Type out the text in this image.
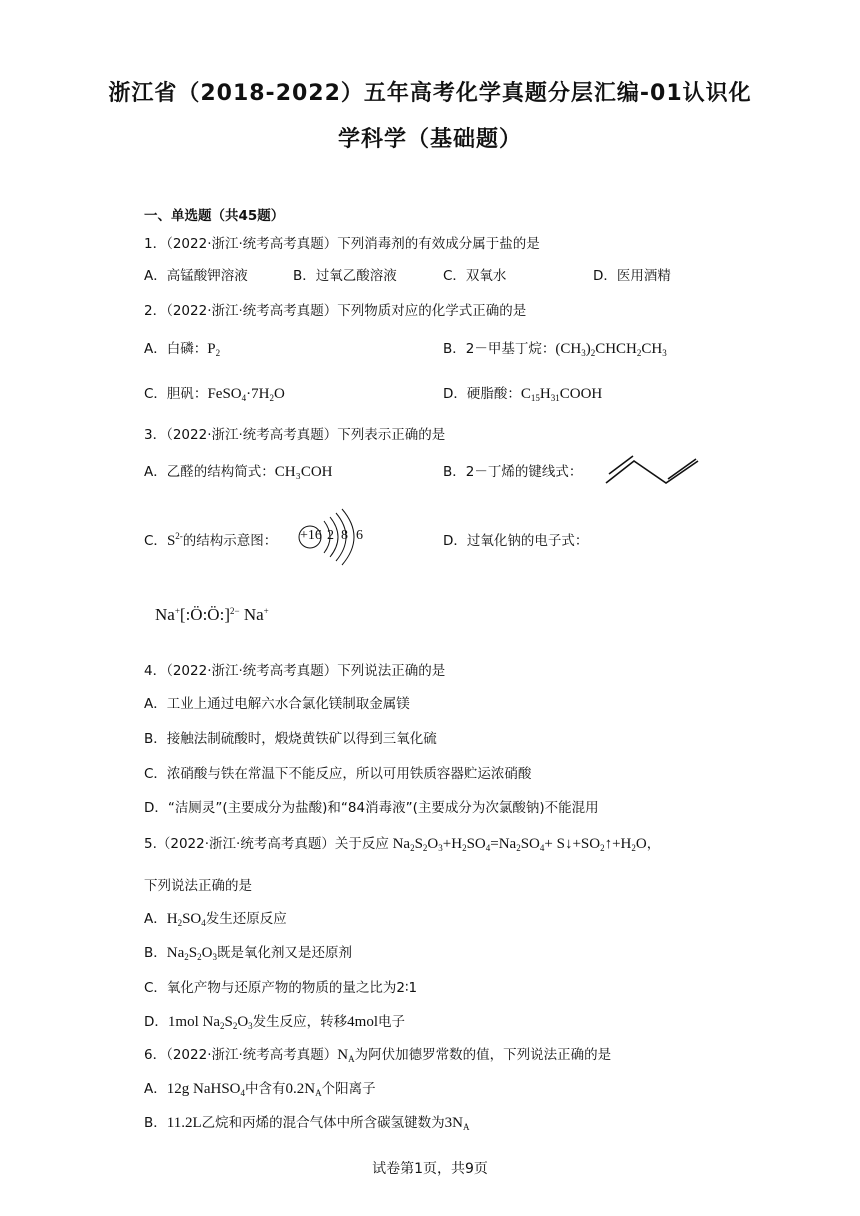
浙江省（2018-2022）五年高考化学真题分层汇编-01认识化
学科学（基础题）
一、单选题（共45题）
1．（2022·浙江·统考高考真题）下列消毒剂的有效成分属于盐的是
A．高锰酸钾溶液	B．过氧乙酸溶液	C．双氧水	D．医用酒精
2．（2022·浙江·统考高考真题）下列物质对应的化学式正确的是
A．白磷：$P_2$	B．2－甲基丁烷：$(CH_3)_2CHCH_2CH_3$
C．胆矾：$FeSO_4\cdot 7H_2O$	D．硬脂酸：$C_{15}H_{31}COOH$
3．（2022·浙江·统考高考真题）下列表示正确的是
A．乙醛的结构简式：CH₃COH	B．2－丁烯的键线式：
C．$S^{2-}$的结构示意图： +16 2 8 6	D．过氧化钠的电子式：
Na+[:Ö:Ö:]$^{2-}$ Na+
4．（2022·浙江·统考高考真题）下列说法正确的是
A．工业上通过电解六水合氯化镁制取金属镁
B．接触法制硫酸时，煅烧黄铁矿以得到三氧化硫
C．浓硝酸与铁在常温下不能反应，所以可用铁质容器贮运浓硝酸
D．“洁厕灵”(主要成分为盐酸)和“84消毒液”(主要成分为次氯酸钠)不能混用
5.（2022·浙江·统考高考真题）关于反应 $Na_2S_2O_3+H_2SO_4=Na_2SO_4+$ $S↓+SO_2↑+H_2O$，
下列说法正确的是
A．$H_2SO_4$发生还原反应
B．$Na_2S_2O_3$既是氧化剂又是还原剂
C．氧化产物与还原产物的物质的量之比为2∶1
D．1mol $Na_2S_2O_3$发生反应，转移4mol电子
6．（2022·浙江·统考高考真题）$N_A$为阿伏加德罗常数的值，下列说法正确的是
A．12g NaHSO$_4$中含有$0.2N_A$个阳离子
B．11.2L乙烷和丙烯的混合气体中所含碳氢键数为$3N_A$
试卷第1页，共9页
